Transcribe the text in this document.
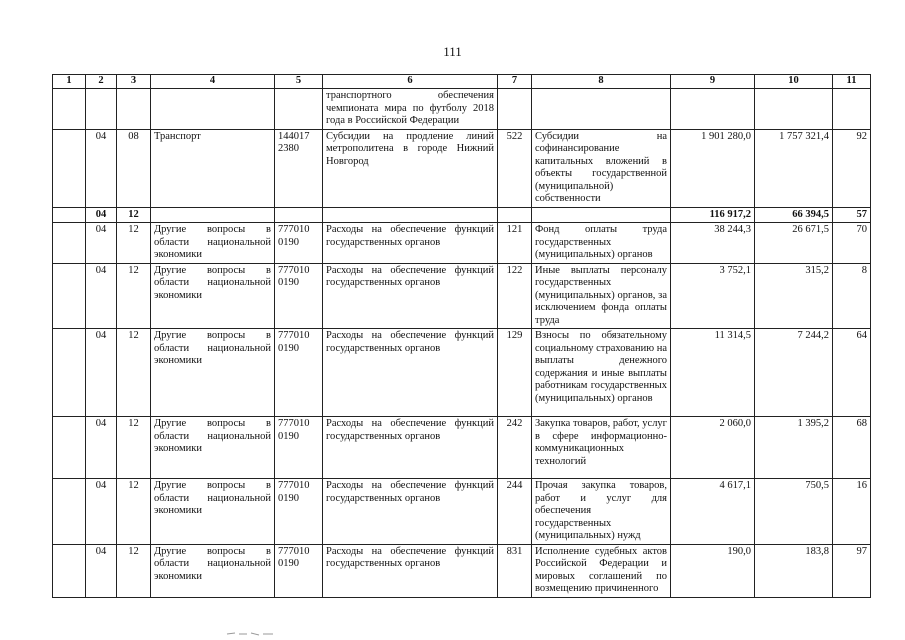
111
1	2	3	4	5	6	7	8	9	10	11
					транспортного обеспечения чемпионата мира по футболу 2018 года в Российской Федерации					
	04	08	Транспорт	144017 2380	Субсидии на продление линий метрополитена в городе Нижний Новгород	522	Субсидии на софинансирование капитальных вложений в объекты государственной (муниципальной) собственности	1 901 280,0	1 757 321,4	92
	04	12						116 917,2	66 394,5	57
	04	12	Другие вопросы в области национальной экономики	777010 0190	Расходы на обеспечение функций государственных органов	121	Фонд оплаты труда государственных (муниципальных) органов	38 244,3	26 671,5	70
	04	12	Другие вопросы в области национальной экономики	777010 0190	Расходы на обеспечение функций государственных органов	122	Иные выплаты персоналу государственных (муниципальных) органов, за исключением фонда оплаты труда	3 752,1	315,2	8
	04	12	Другие вопросы в области национальной экономики	777010 0190	Расходы на обеспечение функций государственных органов	129	Взносы по обязательному социальному страхованию на выплаты денежного содержания и иные выплаты работникам государственных (муниципальных) органов	11 314,5	7 244,2	64
	04	12	Другие вопросы в области национальной экономики	777010 0190	Расходы на обеспечение функций государственных органов	242	Закупка товаров, работ, услуг в сфере информационно-коммуникационных технологий	2 060,0	1 395,2	68
	04	12	Другие вопросы в области национальной экономики	777010 0190	Расходы на обеспечение функций государственных органов	244	Прочая закупка товаров, работ и услуг для обеспечения государственных (муниципальных) нужд	4 617,1	750,5	16
	04	12	Другие вопросы в области национальной экономики	777010 0190	Расходы на обеспечение функций государственных органов	831	Исполнение судебных актов Российской Федерации и мировых соглашений по возмещению причиненного	190,0	183,8	97
